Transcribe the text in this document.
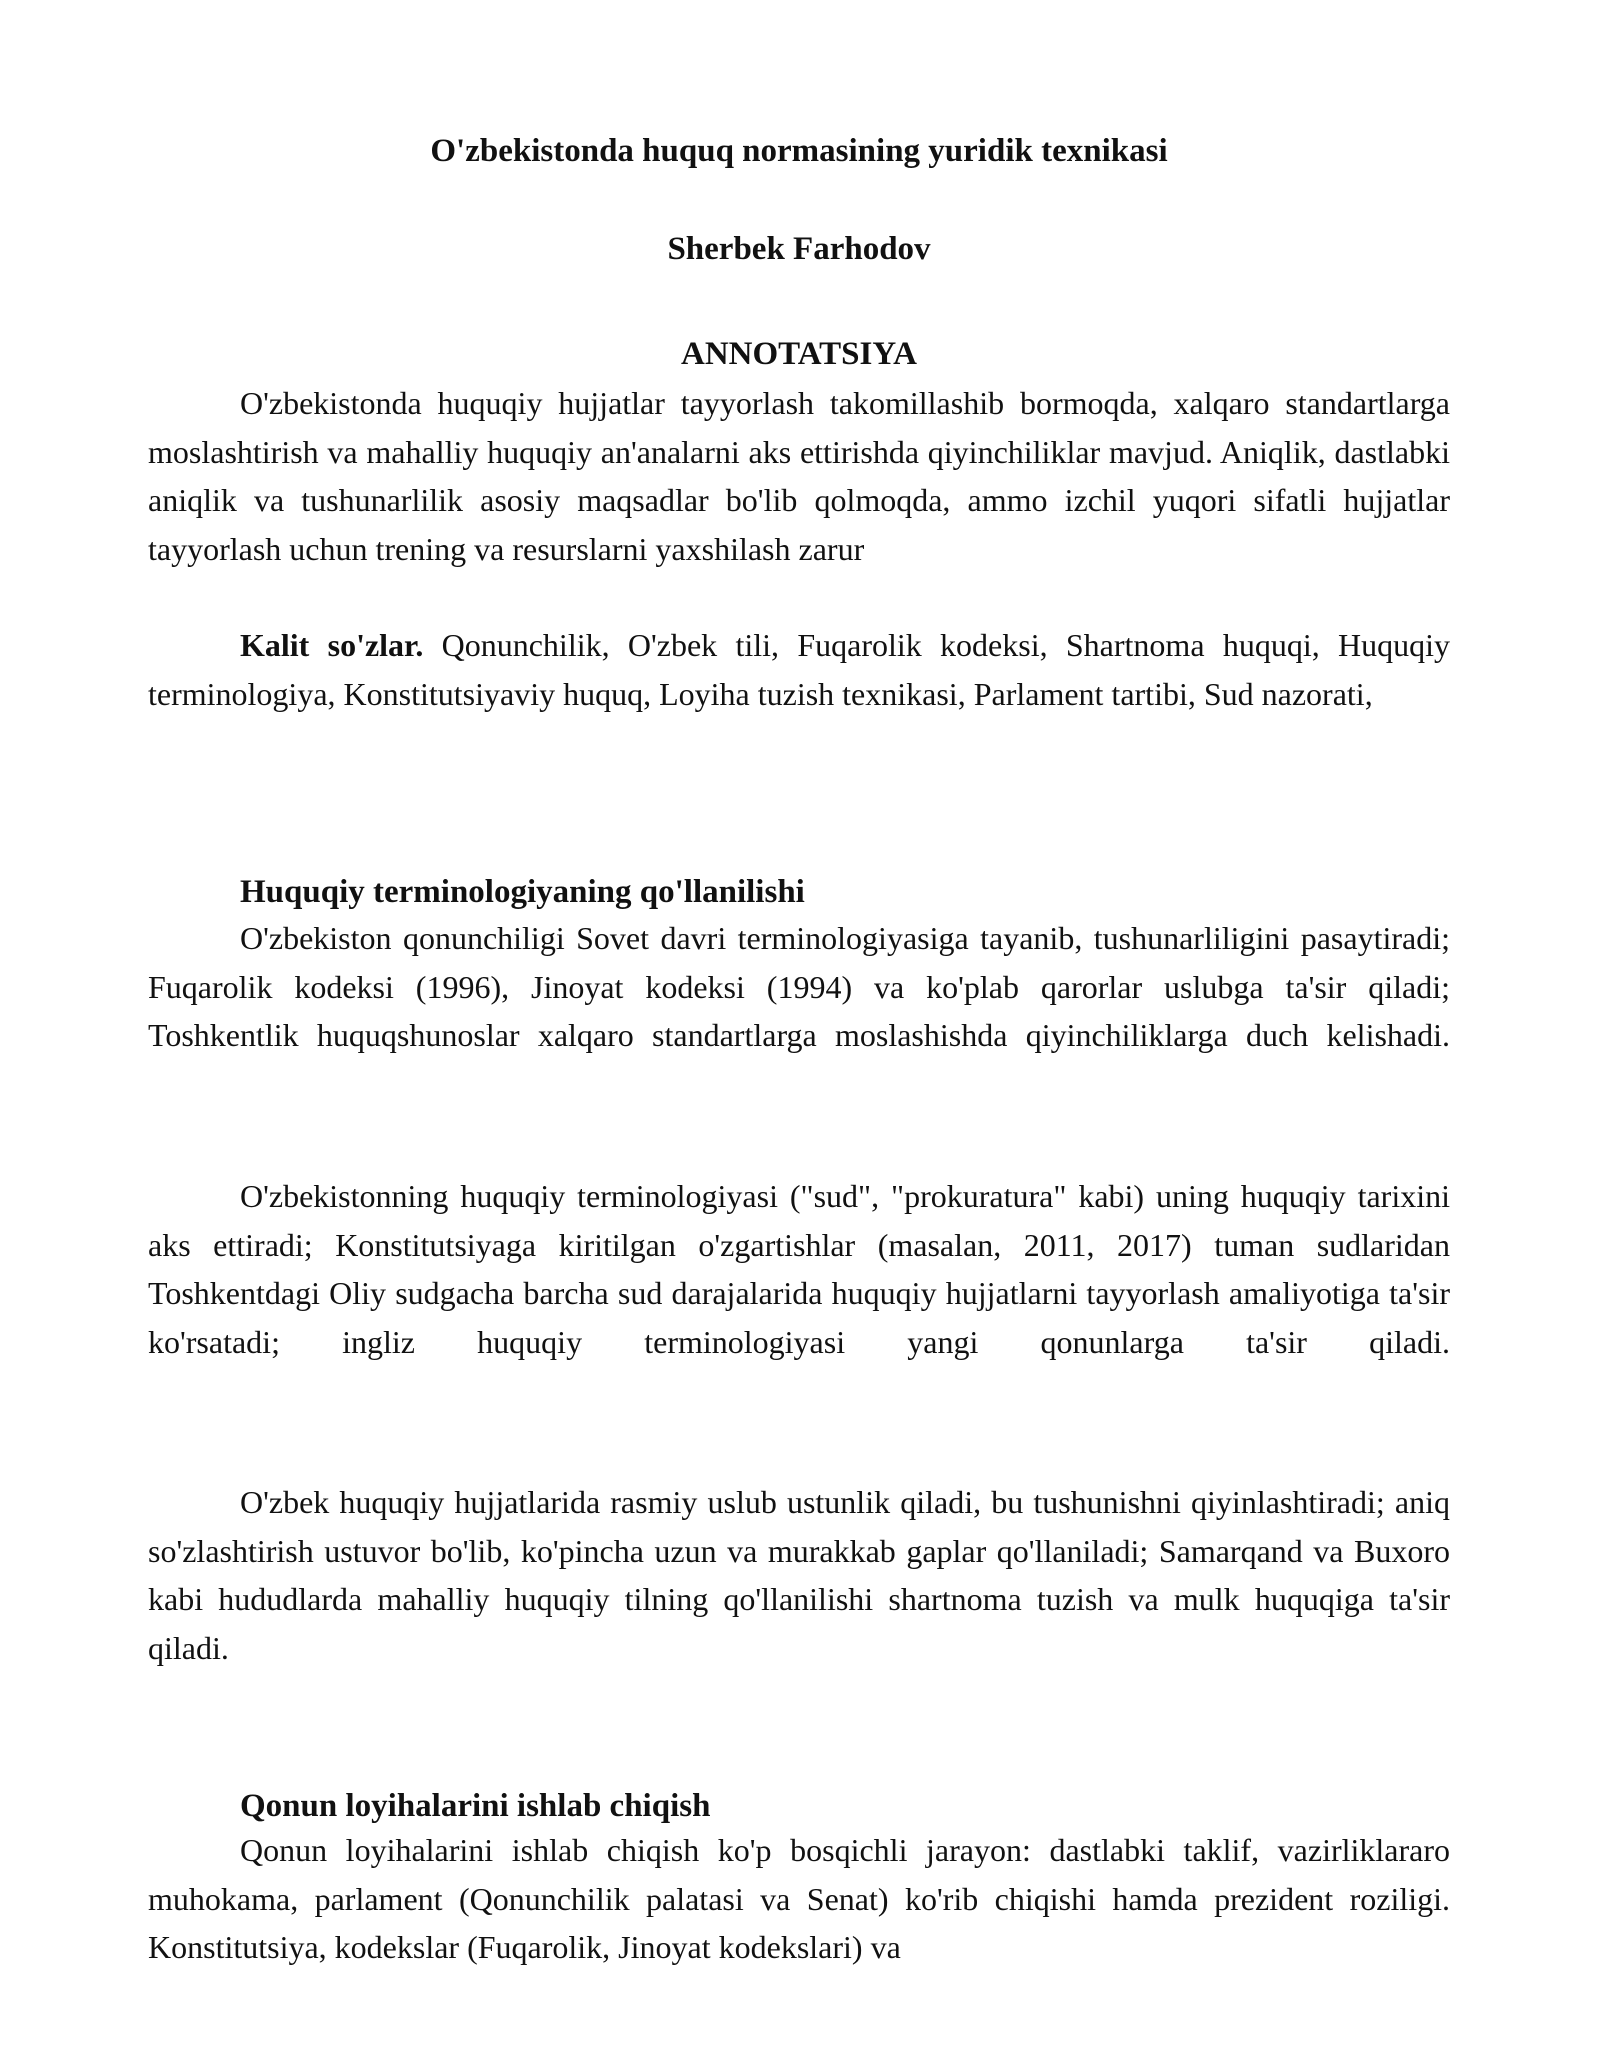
O'zbekistonda huquq normasining yuridik texnikasi
Sherbek Farhodov
ANNOTATSIYA

O'zbekistonda huquqiy hujjatlar tayyorlash takomillashib bormoqda, xalqaro standartlarga moslashtirish va mahalliy huquqiy an'analarni aks ettirishda qiyinchiliklar mavjud. Aniqlik, dastlabki aniqlik va tushunarlilik asosiy maqsadlar bo'lib qolmoqda, ammo izchil yuqori sifatli hujjatlar tayyorlash uchun trening va resurslarni yaxshilash zarur

Kalit so'zlar. Qonunchilik, O'zbek tili, Fuqarolik kodeksi, Shartnoma huquqi, Huquqiy terminologiya, Konstitutsiyaviy huquq, Loyiha tuzish texnikasi, Parlament tartibi, Sud nazorati,

Huquqiy terminologiyaning qo'llanilishi

O'zbekiston qonunchiligi Sovet davri terminologiyasiga tayanib, tushunarliligini pasaytiradi; Fuqarolik kodeksi (1996), Jinoyat kodeksi (1994) va ko'plab qarorlar uslubga ta'sir qiladi; Toshkentlik huquqshunoslar xalqaro standartlarga moslashishda qiyinchiliklarga duch kelishadi.

O'zbekistonning huquqiy terminologiyasi ("sud", "prokuratura" kabi) uning huquqiy tarixini aks ettiradi; Konstitutsiyaga kiritilgan o'zgartishlar (masalan, 2011, 2017) tuman sudlaridan Toshkentdagi Oliy sudgacha barcha sud darajalarida huquqiy hujjatlarni tayyorlash amaliyotiga ta'sir ko'rsatadi; ingliz huquqiy terminologiyasi yangi qonunlarga ta'sir qiladi.

O'zbek huquqiy hujjatlarida rasmiy uslub ustunlik qiladi, bu tushunishni qiyinlashtiradi; aniq so'zlashtirish ustuvor bo'lib, ko'pincha uzun va murakkab gaplar qo'llaniladi; Samarqand va Buxoro kabi hududlarda mahalliy huquqiy tilning qo'llanilishi shartnoma tuzish va mulk huquqiga ta'sir qiladi.

Qonun loyihalarini ishlab chiqish

Qonun loyihalarini ishlab chiqish ko'p bosqichli jarayon: dastlabki taklif, vazirliklararo muhokama, parlament (Qonunchilik palatasi va Senat) ko'rib chiqishi hamda prezident roziligi. Konstitutsiya, kodekslar (Fuqarolik, Jinoyat kodekslari) va
